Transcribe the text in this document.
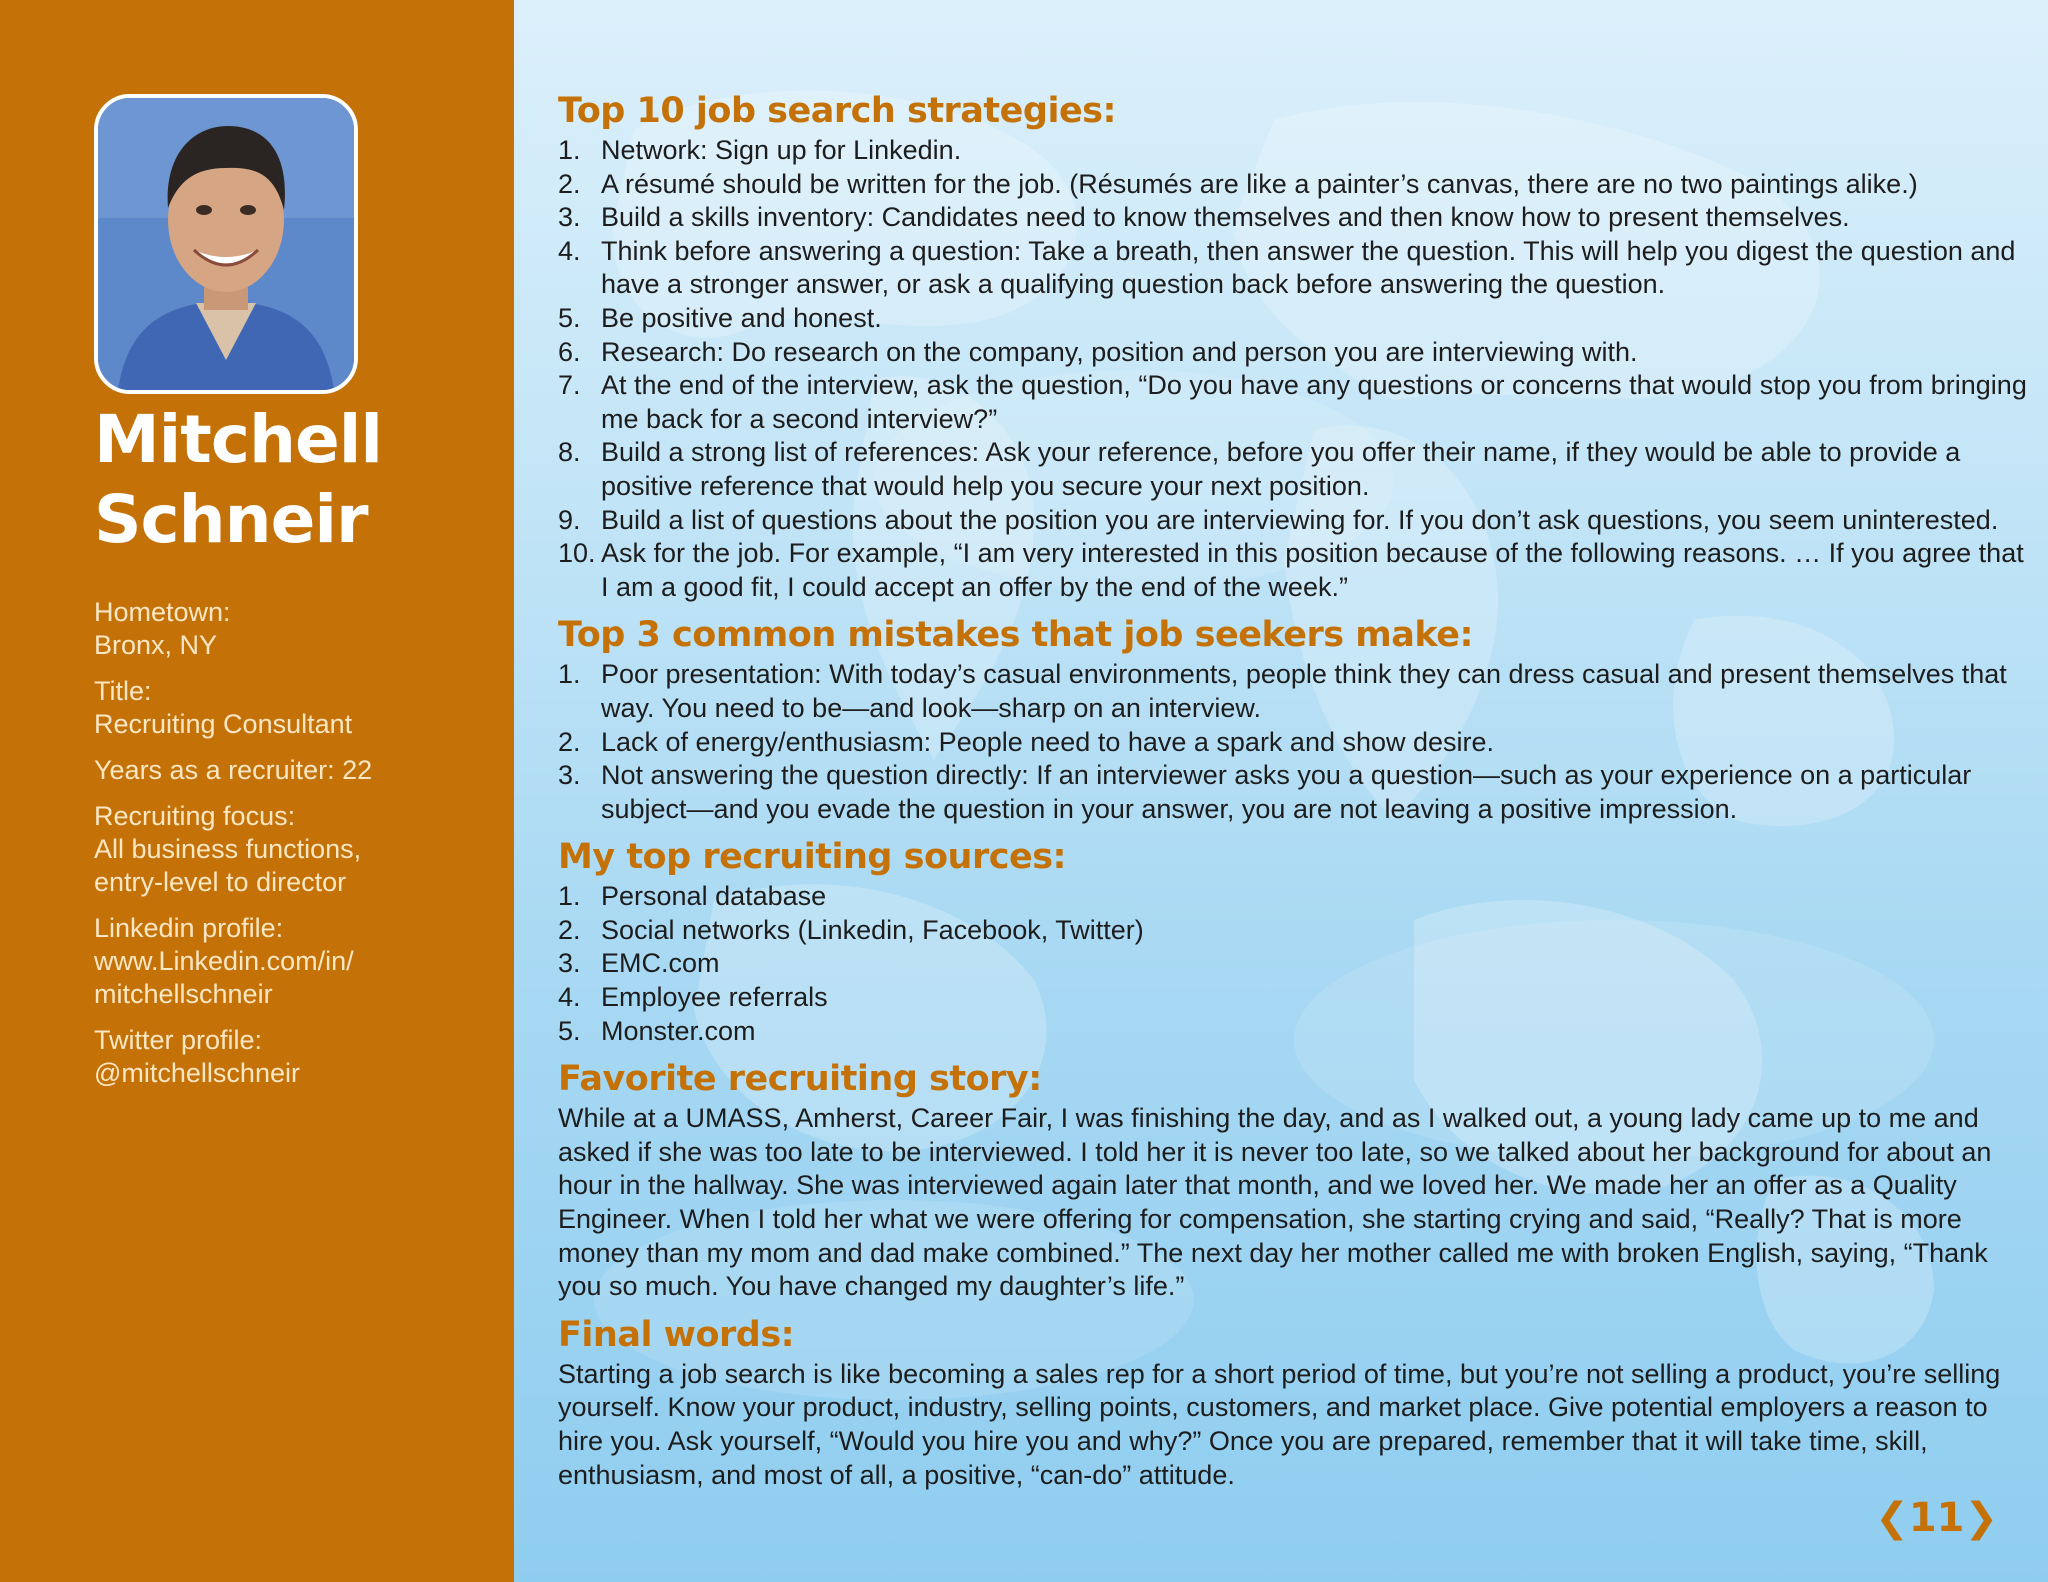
Mitchell
Schneir
Hometown:
Bronx, NY
Title:
Recruiting Consultant
Years as a recruiter: 22
Recruiting focus:
All business functions,
entry-level to director
Linkedin profile:
www.Linkedin.com/in/
mitchellschneir
Twitter profile:
@mitchellschneir
Top 10 job search strategies:
1. Network: Sign up for Linkedin.
2. A résumé should be written for the job. (Résumés are like a painter’s canvas, there are no two paintings alike.)
3. Build a skills inventory: Candidates need to know themselves and then know how to present themselves.
4. Think before answering a question: Take a breath, then answer the question. This will help you digest the question and have a stronger answer, or ask a qualifying question back before answering the question.
5. Be positive and honest.
6. Research: Do research on the company, position and person you are interviewing with.
7. At the end of the interview, ask the question, “Do you have any questions or concerns that would stop you from bringing me back for a second interview?”
8. Build a strong list of references: Ask your reference, before you offer their name, if they would be able to provide a positive reference that would help you secure your next position.
9. Build a list of questions about the position you are interviewing for. If you don’t ask questions, you seem uninterested.
10. Ask for the job. For example, “I am very interested in this position because of the following reasons. … If you agree that I am a good fit, I could accept an offer by the end of the week.”
Top 3 common mistakes that job seekers make:
1. Poor presentation: With today’s casual environments, people think they can dress casual and present themselves that way. You need to be—and look—sharp on an interview.
2. Lack of energy/enthusiasm: People need to have a spark and show desire.
3. Not answering the question directly: If an interviewer asks you a question—such as your experience on a particular subject—and you evade the question in your answer, you are not leaving a positive impression.
My top recruiting sources:
1. Personal database
2. Social networks (Linkedin, Facebook, Twitter)
3. EMC.com
4. Employee referrals
5. Monster.com
Favorite recruiting story:

While at a UMASS, Amherst, Career Fair, I was finishing the day, and as I walked out, a young lady came up to me and asked if she was too late to be interviewed. I told her it is never too late, so we talked about her background for about an hour in the hallway. She was interviewed again later that month, and we loved her. We made her an offer as a Quality Engineer. When I told her what we were offering for compensation, she starting crying and said, “Really? That is more money than my mom and dad make combined.” The next day her mother called me with broken English, saying, “Thank you so much. You have changed my daughter’s life.”

Final words:

Starting a job search is like becoming a sales rep for a short period of time, but you’re not selling a product, you’re selling yourself. Know your product, industry, selling points, customers, and market place. Give potential employers a reason to hire you. Ask yourself, “Would you hire you and why?” Once you are prepared, remember that it will take time, skill, enthusiasm, and most of all, a positive, “can-do” attitude.

❮11❯
